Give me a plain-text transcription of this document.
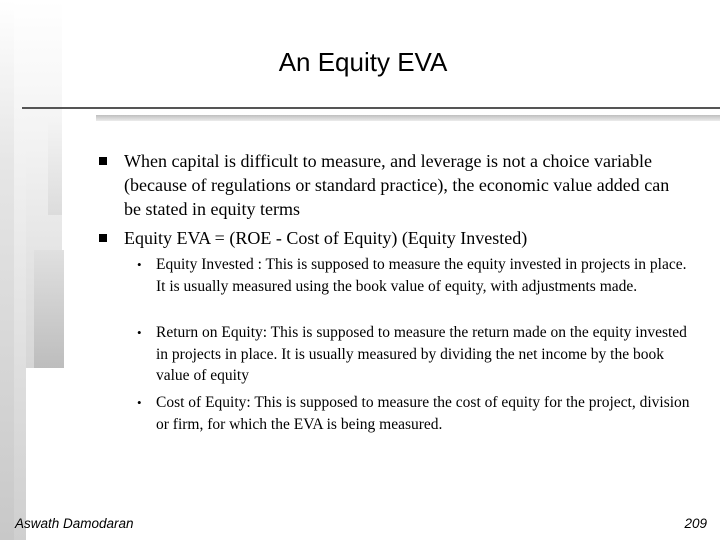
An Equity EVA
When capital is difficult to measure, and leverage is not a choice variable (because of regulations or standard practice), the economic value added can be stated in equity terms
Equity EVA = (ROE - Cost of Equity) (Equity Invested)
• Equity Invested : This is supposed to measure the equity invested in projects in place. It is usually measured using the book value of equity, with adjustments made.
• Return on Equity: This is supposed to measure the return made on the equity invested in projects in place. It is usually measured by dividing the net income by the book value of equity
• Cost of Equity: This is supposed to measure the cost of equity for the project, division or firm, for which the EVA is being measured.
Aswath Damodaran	209
